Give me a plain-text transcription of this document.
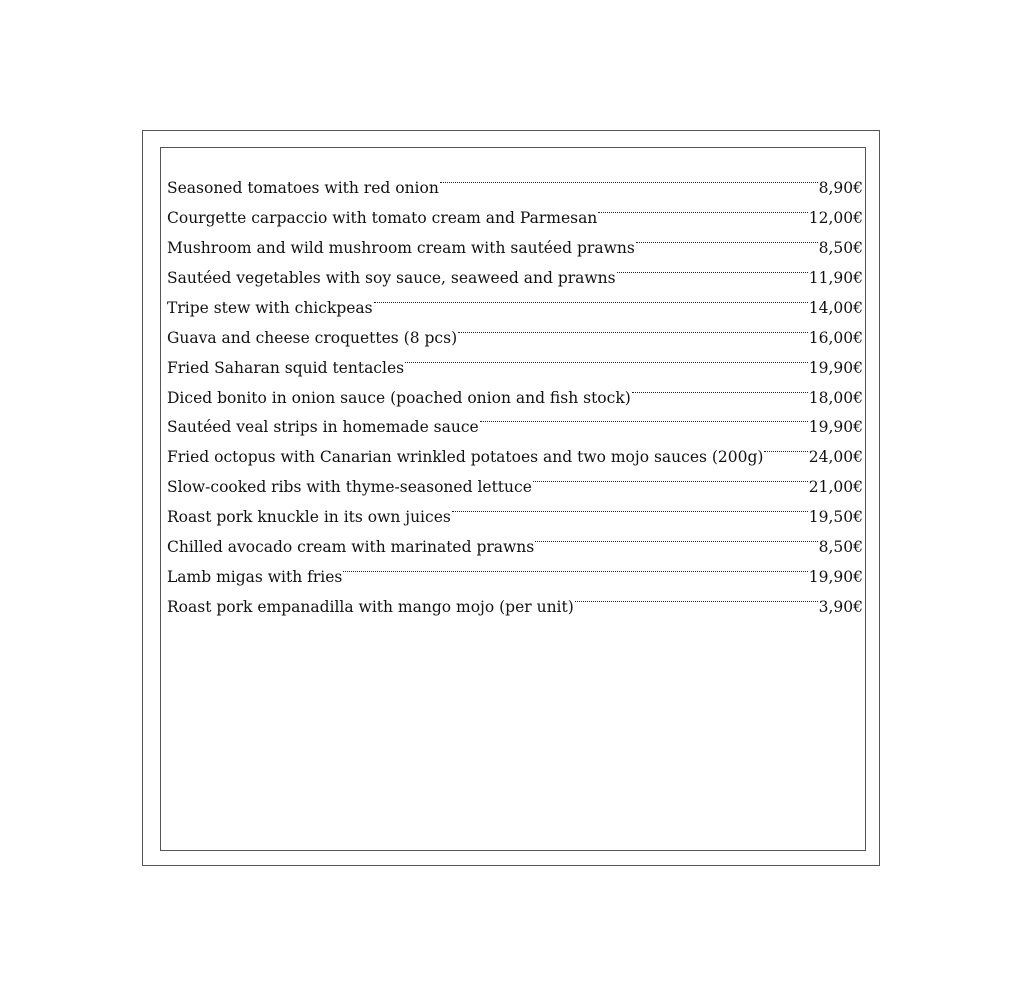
Seasoned tomatoes with red onion	8,90€
Courgette carpaccio with tomato cream and Parmesan	12,00€
Mushroom and wild mushroom cream with sautéed prawns	8,50€
Sautéed vegetables with soy sauce, seaweed and prawns	11,90€
Tripe stew with chickpeas	14,00€
Guava and cheese croquettes (8 pcs)	16,00€
Fried Saharan squid tentacles	19,90€
Diced bonito in onion sauce (poached onion and fish stock)	18,00€
Sautéed veal strips in homemade sauce	19,90€
Fried octopus with Canarian wrinkled potatoes and two mojo sauces (200g)	24,00€
Slow-cooked ribs with thyme-seasoned lettuce	21,00€
Roast pork knuckle in its own juices	19,50€
Chilled avocado cream with marinated prawns	8,50€
Lamb migas with fries	19,90€
Roast pork empanadilla with mango mojo (per unit)	3,90€
